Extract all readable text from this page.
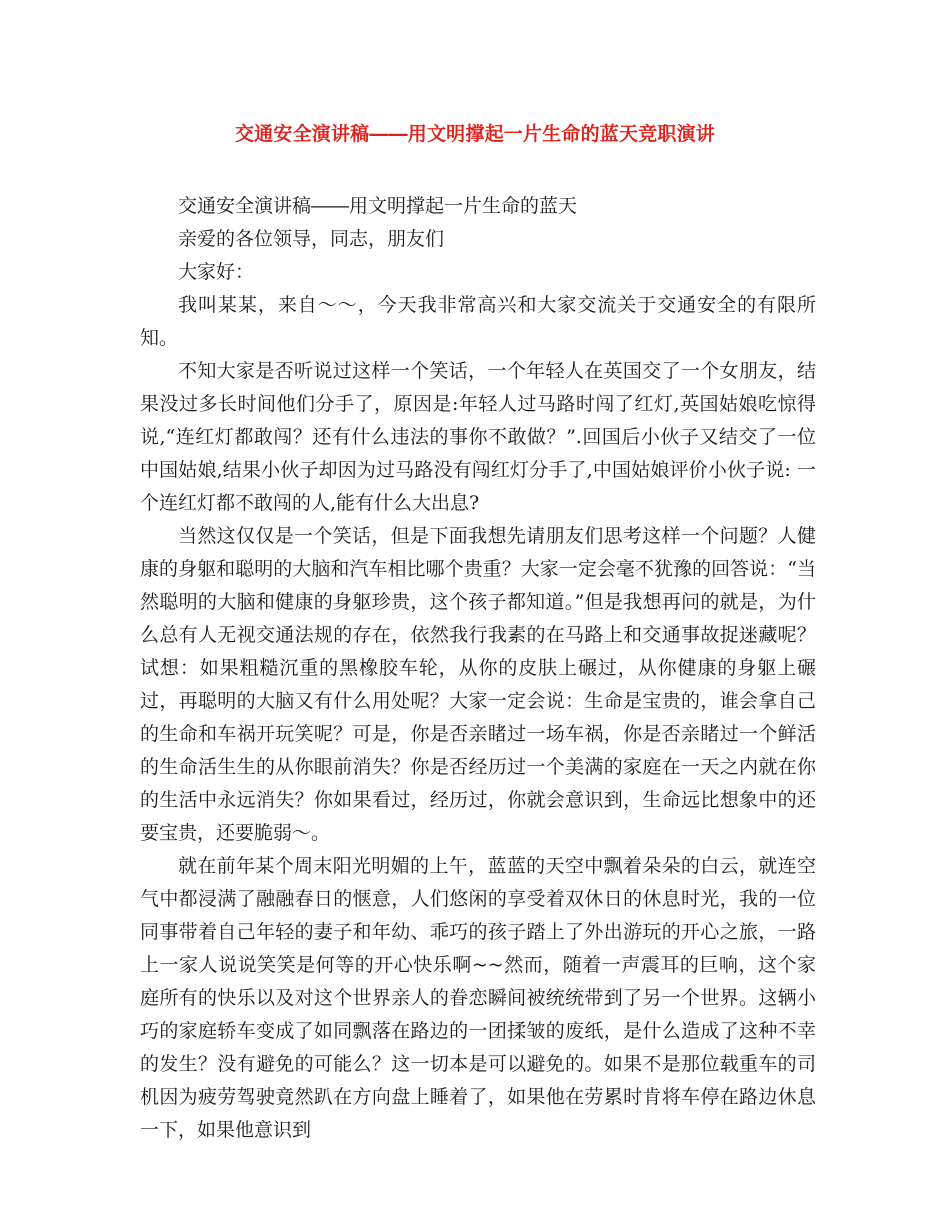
交通安全演讲稿――用文明撑起一片生命的蓝天竞职演讲

交通安全演讲稿――用文明撑起一片生命的蓝天

亲爱的各位领导，同志，朋友们

大家好：

我叫某某，来自～～，今天我非常高兴和大家交流关于交通安全的有限所知。

不知大家是否听说过这样一个笑话，一个年轻人在英国交了一个女朋友，结果没过多长时间他们分手了，原因是:年轻人过马路时闯了红灯,英国姑娘吃惊得说,“连红灯都敢闯？还有什么违法的事你不敢做？”.回国后小伙子又结交了一位中国姑娘,结果小伙子却因为过马路没有闯红灯分手了,中国姑娘评价小伙子说: 一个连红灯都不敢闯的人,能有什么大出息?

当然这仅仅是一个笑话，但是下面我想先请朋友们思考这样一个问题？人健康的身躯和聪明的大脑和汽车相比哪个贵重？大家一定会毫不犹豫的回答说：“当然聪明的大脑和健康的身躯珍贵，这个孩子都知道。”但是我想再问的就是，为什么总有人无视交通法规的存在，依然我行我素的在马路上和交通事故捉迷藏呢？试想：如果粗糙沉重的黑橡胶车轮，从你的皮肤上碾过，从你健康的身躯上碾过，再聪明的大脑又有什么用处呢？大家一定会说：生命是宝贵的，谁会拿自己的生命和车祸开玩笑呢？可是，你是否亲睹过一场车祸，你是否亲睹过一个鲜活的生命活生生的从你眼前消失？你是否经历过一个美满的家庭在一天之内就在你的生活中永远消失？你如果看过，经历过，你就会意识到，生命远比想象中的还要宝贵，还要脆弱～。

就在前年某个周末阳光明媚的上午，蓝蓝的天空中飘着朵朵的白云，就连空气中都浸满了融融春日的惬意，人们悠闲的享受着双休日的休息时光，我的一位同事带着自己年轻的妻子和年幼、乖巧的孩子踏上了外出游玩的开心之旅，一路上一家人说说笑笑是何等的开心快乐啊~~然而，随着一声震耳的巨响，这个家庭所有的快乐以及对这个世界亲人的眷恋瞬间被统统带到了另一个世界。这辆小巧的家庭轿车变成了如同飘落在路边的一团揉皱的废纸，是什么造成了这种不幸的发生？没有避免的可能么？这一切本是可以避免的。如果不是那位载重车的司机因为疲劳驾驶竟然趴在方向盘上睡着了，如果他在劳累时肯将车停在路边休息一下，如果他意识到
